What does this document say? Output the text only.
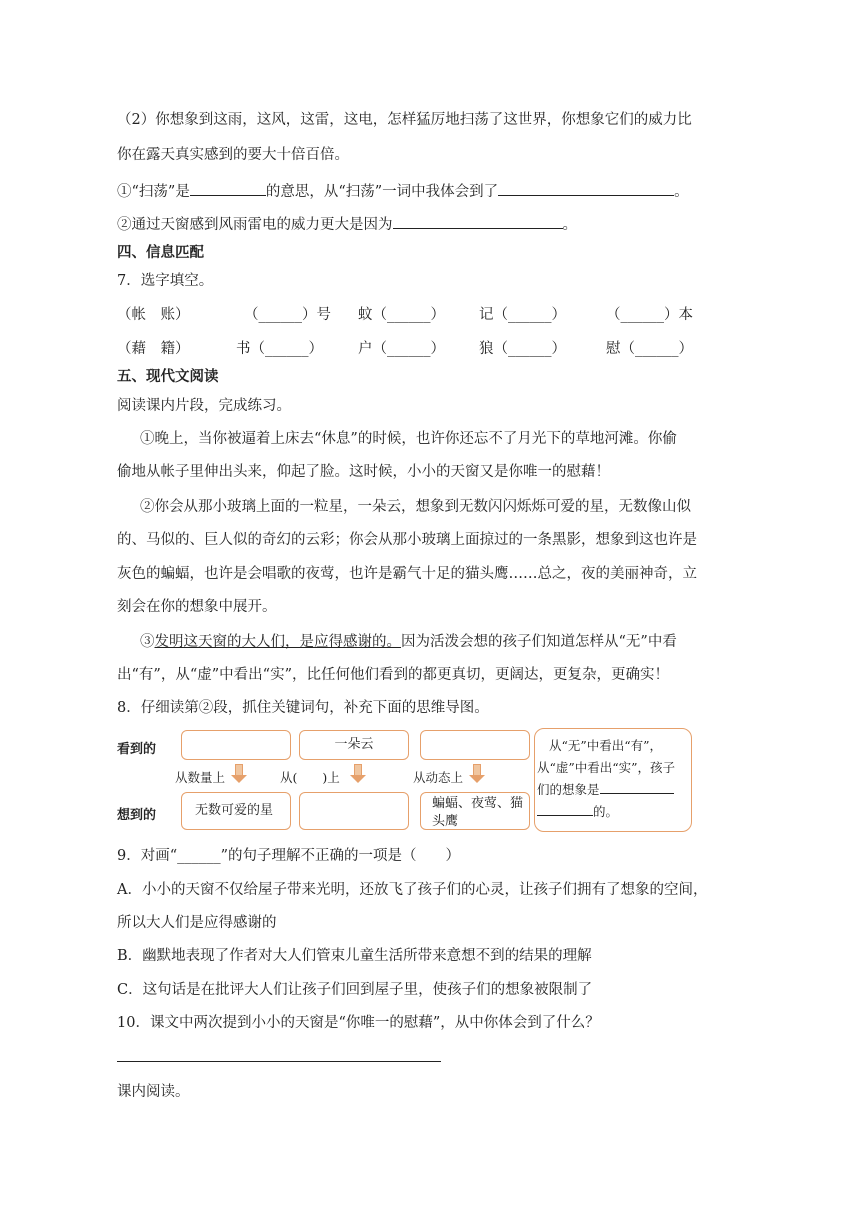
（2）你想象到这雨，这风，这雷，这电，怎样猛厉地扫荡了这世界，你想象它们的威力比
你在露天真实感到的要大十倍百倍。
①“扫荡”是	的意思，从“扫荡”一词中我体会到了	。
②通过天窗感到风雨雷电的威力更大是因为	。
四、信息匹配
7．选字填空。
（帐　账）	（______）号 蚊（______） 记（______）	（______）本
（藉　籍）	书（______） 户（______） 狼（______）	慰（______）
五、现代文阅读
阅读课内片段，完成练习。
①晚上，当你被逼着上床去“休息”的时候，也许你还忘不了月光下的草地河滩。你偷
偷地从帐子里伸出头来，仰起了脸。这时候，小小的天窗又是你唯一的慰藉！
②你会从那小玻璃上面的一粒星，一朵云，想象到无数闪闪烁烁可爱的星，无数像山似
的、马似的、巨人似的奇幻的云彩；你会从那小玻璃上面掠过的一条黑影，想象到这也许是
灰色的蝙蝠，也许是会唱歌的夜莺，也许是霸气十足的猫头鹰……总之，夜的美丽神奇，立
刻会在你的想象中展开。
③发明这天窗的大人们，是应得感谢的。因为活泼会想的孩子们知道怎样从“无”中看
出“有”，从“虚”中看出“实”，比任何他们看到的都更真切，更阔达，更复杂，更确实！
8．仔细读第②段，抓住关键词句，补充下面的思维导图。
看到的
想到的
一朵云
从数量上	从(　　)上	从动态上
无数可爱的星	蝙蝠、夜莺、猫头鹰
从“无”中看出“有”，
从“虚”中看出“实”，孩子
们的想象是
的。
9．对画“______”的句子理解不正确的一项是（　　）
A．小小的天窗不仅给屋子带来光明，还放飞了孩子们的心灵，让孩子们拥有了想象的空间，
所以大人们是应得感谢的
B．幽默地表现了作者对大人们管束儿童生活所带来意想不到的结果的理解
C．这句话是在批评大人们让孩子们回到屋子里，使孩子们的想象被限制了
10．课文中两次提到小小的天窗是“你唯一的慰藉”，从中你体会到了什么？
课内阅读。
